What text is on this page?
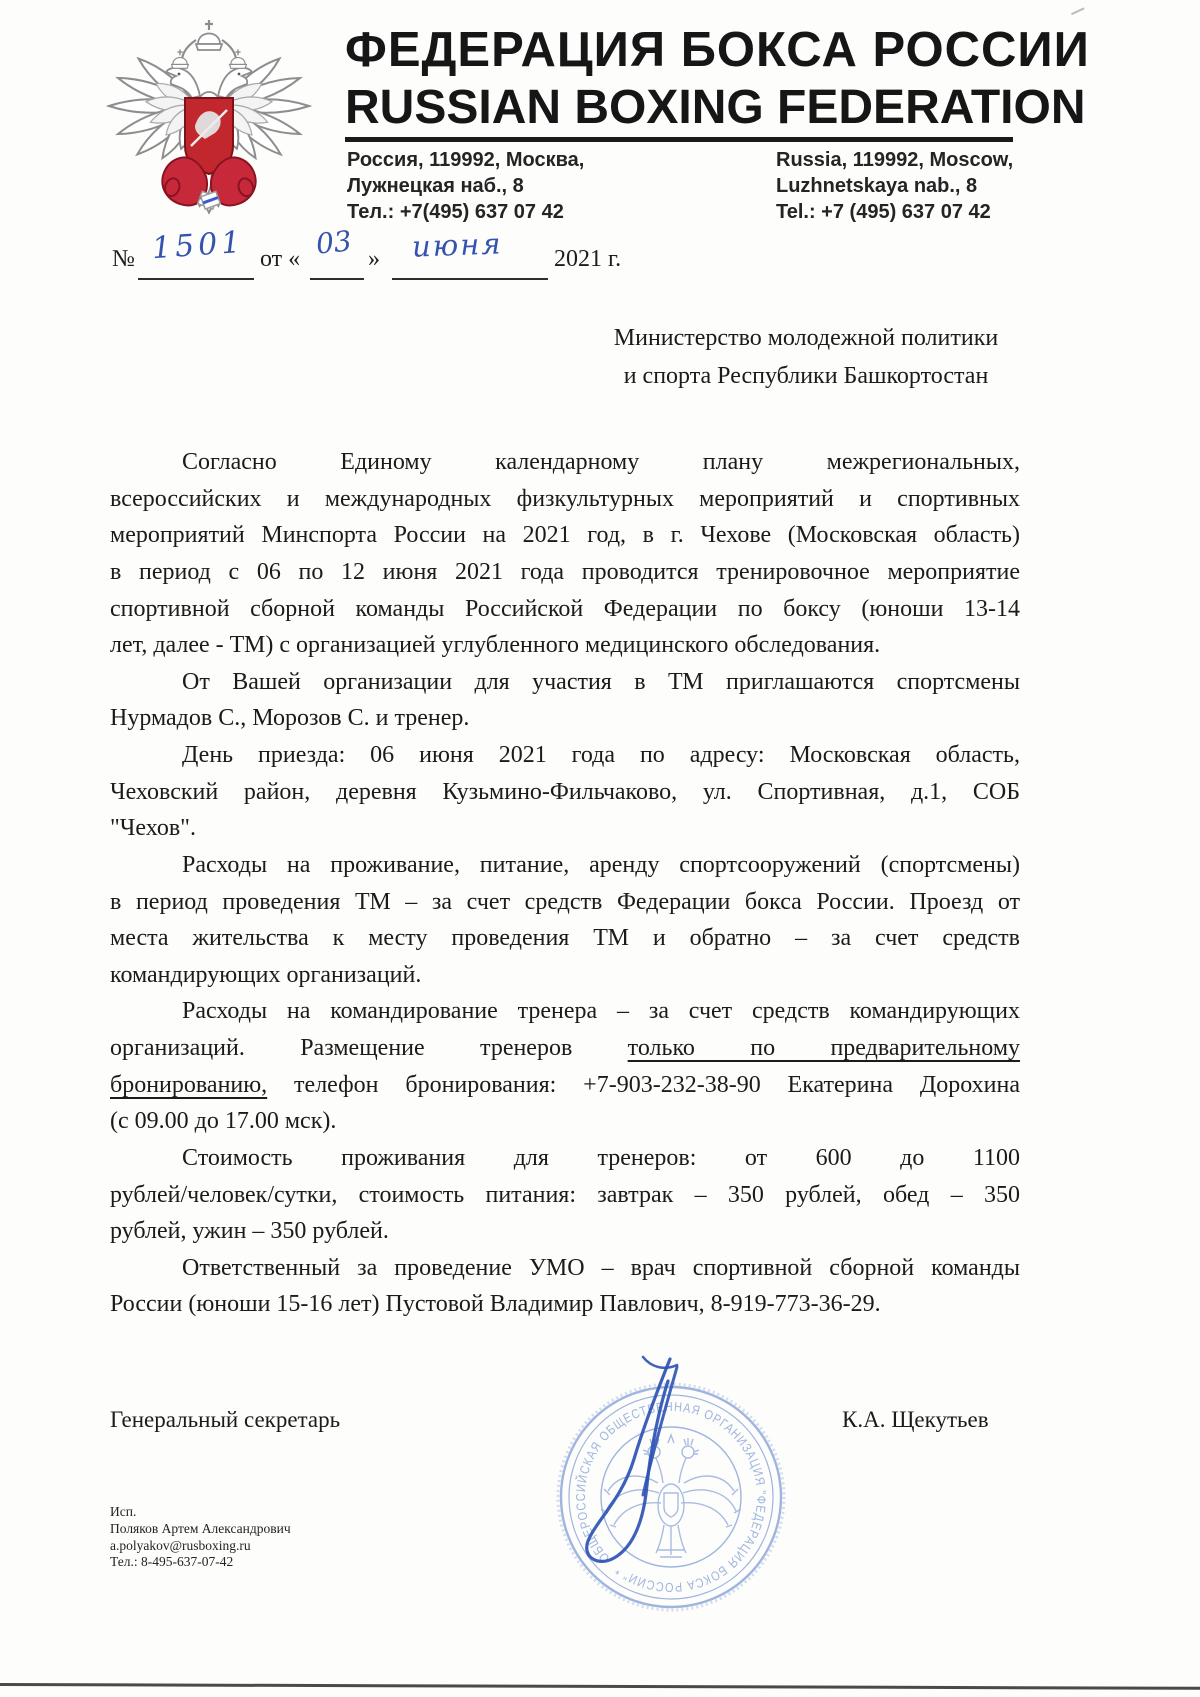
ФЕДЕРАЦИЯ БОКСА РОССИИ
RUSSIAN BOXING FEDERATION
Россия, 119992, Москва,
Лужнецкая наб., 8
Тел.: +7(495) 637 07 42
Russia, 119992, Moscow,
Luzhnetskaya nab., 8
Tel.: +7 (495) 637 07 42
№ 1501 от « 03 » июня 2021 г.
Министерство молодежной политики
и спорта Республики Башкортостан
Согласно Единому календарному плану межрегиональных,
всероссийских и международных физкультурных мероприятий и спортивных
мероприятий Минспорта России на 2021 год, в г. Чехове (Московская область)
в период с 06 по 12 июня 2021 года проводится тренировочное мероприятие
спортивной сборной команды Российской Федерации по боксу (юноши 13-14
лет, далее - ТМ) с организацией углубленного медицинского обследования.
От Вашей организации для участия в ТМ приглашаются спортсмены
Нурмадов С., Морозов С. и тренер.
День приезда: 06 июня 2021 года по адресу: Московская область,
Чеховский район, деревня Кузьмино-Фильчаково, ул. Спортивная, д.1, СОБ
"Чехов".
Расходы на проживание, питание, аренду спортсооружений (спортсмены)
в период проведения ТМ – за счет средств Федерации бокса России. Проезд от
места жительства к месту проведения ТМ и обратно – за счет средств
командирующих организаций.
Расходы на командирование тренера – за счет средств командирующих
организаций. Размещение тренеров только по предварительному
бронированию, телефон бронирования: +7-903-232-38-90 Екатерина Дорохина
(с 09.00 до 17.00 мск).
Стоимость проживания для тренеров: от 600 до 1100
рублей/человек/сутки, стоимость питания: завтрак – 350 рублей, обед – 350
рублей, ужин – 350 рублей.
Ответственный за проведение УМО – врач спортивной сборной команды
России (юноши 15-16 лет) Пустовой Владимир Павлович, 8-919-773-36-29.
Генеральный секретарь	К.А. Щекутьев
ОБЩЕРОССИЙСКАЯ ОБЩЕСТВЕННАЯ ОРГАНИЗАЦИЯ "ФЕДЕРАЦИЯ БОКСА РОССИИ" *
Исп.
Поляков Артем Александрович
a.polyakov@rusboxing.ru
Тел.: 8-495-637-07-42
